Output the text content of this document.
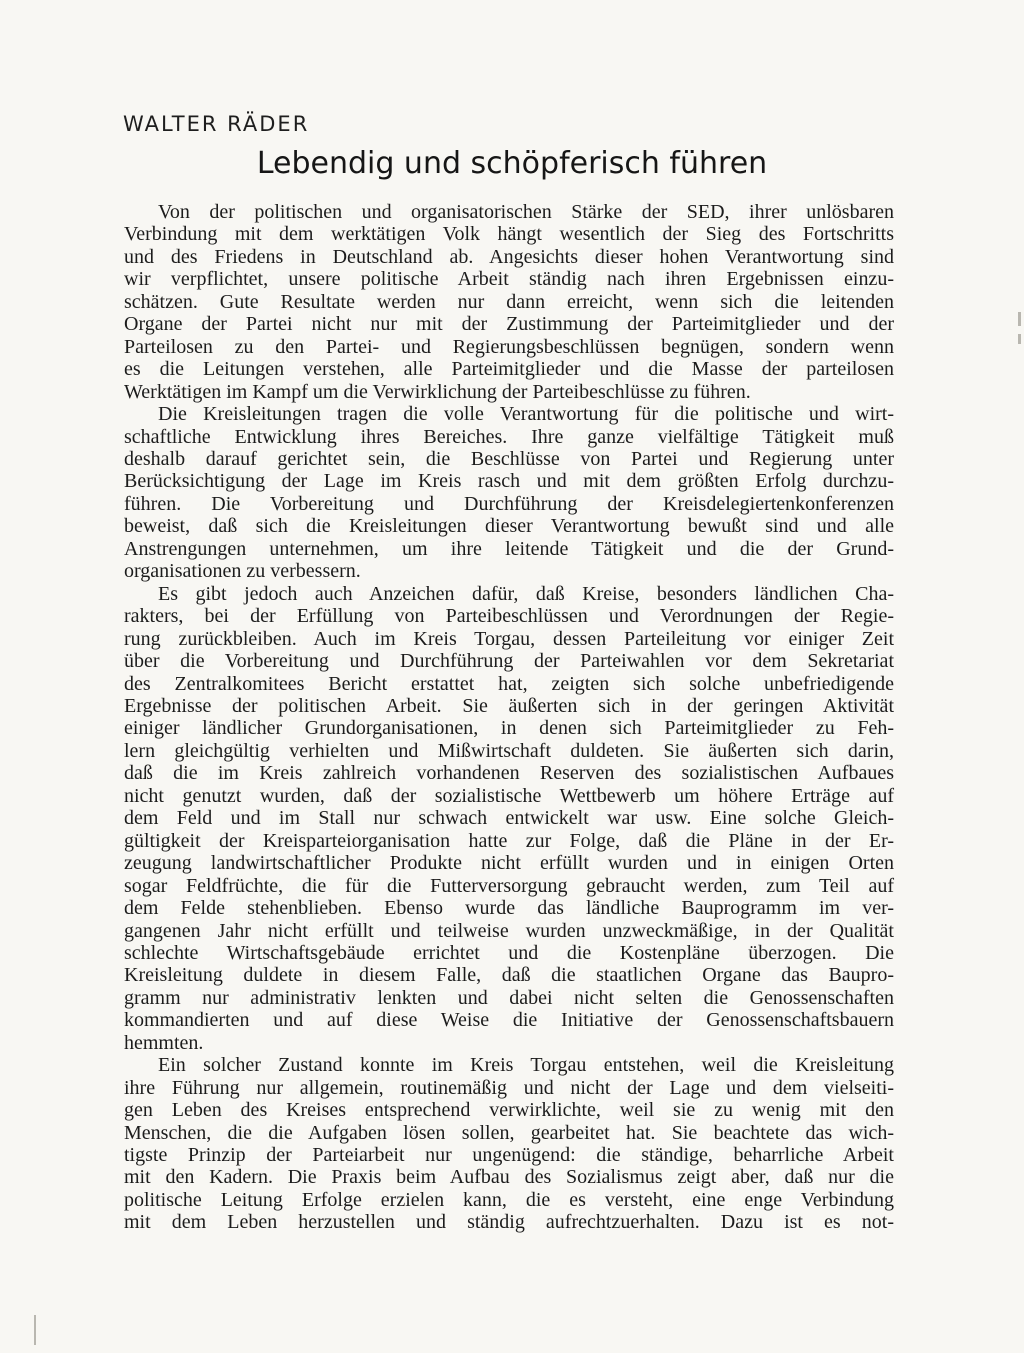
WALTER RÄDER
Lebendig und schöpferisch führen

Von der politischen und organisatorischen Stärke der SED, ihrer unlösbaren
Verbindung mit dem werktätigen Volk hängt wesentlich der Sieg des Fortschritts
und des Friedens in Deutschland ab. Angesichts dieser hohen Verantwortung sind
wir verpflichtet, unsere politische Arbeit ständig nach ihren Ergebnissen einzu-
schätzen. Gute Resultate werden nur dann erreicht, wenn sich die leitenden
Organe der Partei nicht nur mit der Zustimmung der Parteimitglieder und der
Parteilosen zu den Partei- und Regierungsbeschlüssen begnügen, sondern wenn
es die Leitungen verstehen, alle Parteimitglieder und die Masse der parteilosen
Werktätigen im Kampf um die Verwirklichung der Parteibeschlüsse zu führen.

Die Kreisleitungen tragen die volle Verantwortung für die politische und wirt-
schaftliche Entwicklung ihres Bereiches. Ihre ganze vielfältige Tätigkeit muß
deshalb darauf gerichtet sein, die Beschlüsse von Partei und Regierung unter
Berücksichtigung der Lage im Kreis rasch und mit dem größten Erfolg durchzu-
führen. Die Vorbereitung und Durchführung der Kreisdelegiertenkonferenzen
beweist, daß sich die Kreisleitungen dieser Verantwortung bewußt sind und alle
Anstrengungen unternehmen, um ihre leitende Tätigkeit und die der Grund-
organisationen zu verbessern.

Es gibt jedoch auch Anzeichen dafür, daß Kreise, besonders ländlichen Cha-
rakters, bei der Erfüllung von Parteibeschlüssen und Verordnungen der Regie-
rung zurückbleiben. Auch im Kreis Torgau, dessen Parteileitung vor einiger Zeit
über die Vorbereitung und Durchführung der Parteiwahlen vor dem Sekretariat
des Zentralkomitees Bericht erstattet hat, zeigten sich solche unbefriedigende
Ergebnisse der politischen Arbeit. Sie äußerten sich in der geringen Aktivität
einiger ländlicher Grundorganisationen, in denen sich Parteimitglieder zu Feh-
lern gleichgültig verhielten und Mißwirtschaft duldeten. Sie äußerten sich darin,
daß die im Kreis zahlreich vorhandenen Reserven des sozialistischen Aufbaues
nicht genutzt wurden, daß der sozialistische Wettbewerb um höhere Erträge auf
dem Feld und im Stall nur schwach entwickelt war usw. Eine solche Gleich-
gültigkeit der Kreisparteiorganisation hatte zur Folge, daß die Pläne in der Er-
zeugung landwirtschaftlicher Produkte nicht erfüllt wurden und in einigen Orten
sogar Feldfrüchte, die für die Futterversorgung gebraucht werden, zum Teil auf
dem Felde stehenblieben. Ebenso wurde das ländliche Bauprogramm im ver-
gangenen Jahr nicht erfüllt und teilweise wurden unzweckmäßige, in der Qualität
schlechte Wirtschaftsgebäude errichtet und die Kostenpläne überzogen. Die
Kreisleitung duldete in diesem Falle, daß die staatlichen Organe das Baupro-
gramm nur administrativ lenkten und dabei nicht selten die Genossenschaften
kommandierten und auf diese Weise die Initiative der Genossenschaftsbauern
hemmten.

Ein solcher Zustand konnte im Kreis Torgau entstehen, weil die Kreisleitung
ihre Führung nur allgemein, routinemäßig und nicht der Lage und dem vielseiti-
gen Leben des Kreises entsprechend verwirklichte, weil sie zu wenig mit den
Menschen, die die Aufgaben lösen sollen, gearbeitet hat. Sie beachtete das wich-
tigste Prinzip der Parteiarbeit nur ungenügend: die ständige, beharrliche Arbeit
mit den Kadern. Die Praxis beim Aufbau des Sozialismus zeigt aber, daß nur die
politische Leitung Erfolge erzielen kann, die es versteht, eine enge Verbindung
mit dem Leben herzustellen und ständig aufrechtzuerhalten. Dazu ist es not-
